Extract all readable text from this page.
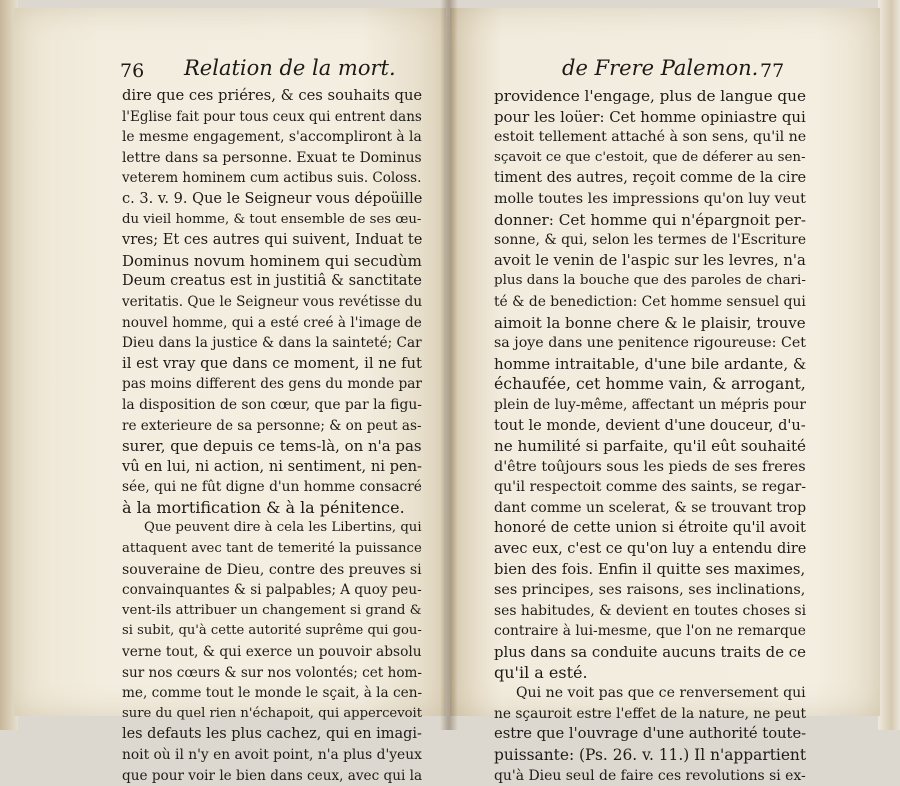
76 Relation de la mort.
dire que ces priéres, & ces souhaits que
l'Eglise fait pour tous ceux qui entrent dans
le mesme engagement, s'accompliront à la
lettre dans sa personne. Exuat te Dominus
veterem hominem cum actibus suis. Coloss.
c. 3. v. 9. Que le Seigneur vous dépoüille
du vieil homme, & tout ensemble de ses œu-
vres; Et ces autres qui suivent, Induat te
Dominus novum hominem qui secudùm
Deum creatus est in justitiâ & sanctitate
veritatis. Que le Seigneur vous revétisse du
nouvel homme, qui a esté creé à l'image de
Dieu dans la justice & dans la sainteté; Car
il est vray que dans ce moment, il ne fut
pas moins different des gens du monde par
la disposition de son cœur, que par la figu-
re exterieure de sa personne; & on peut as-
surer, que depuis ce tems-là, on n'a pas
vû en lui, ni action, ni sentiment, ni pen-
sée, qui ne fût digne d'un homme consacré
à la mortification & à la pénitence.
Que peuvent dire à cela les Libertins, qui
attaquent avec tant de temerité la puissance
souveraine de Dieu, contre des preuves si
convainquantes & si palpables; A quoy peu-
vent-ils attribuer un changement si grand &
si subit, qu'à cette autorité suprême qui gou-
verne tout, & qui exerce un pouvoir absolu
sur nos cœurs & sur nos volontés; cet hom-
me, comme tout le monde le sçait, à la cen-
sure du quel rien n'échapoit, qui appercevoit
les defauts les plus cachez, qui en imagi-
noit où il n'y en avoit point, n'a plus d'yeux
que pour voir le bien dans ceux, avec qui la
de Frere Palemon. 77
providence l'engage, plus de langue que
pour les loüer: Cet homme opiniastre qui
estoit tellement attaché à son sens, qu'il ne
sçavoit ce que c'estoit, que de déferer au sen-
timent des autres, reçoit comme de la cire
molle toutes les impressions qu'on luy veut
donner: Cet homme qui n'épargnoit per-
sonne, & qui, selon les termes de l'Escriture
avoit le venin de l'aspic sur les levres, n'a
plus dans la bouche que des paroles de chari-
té & de benediction: Cet homme sensuel qui
aimoit la bonne chere & le plaisir, trouve
sa joye dans une penitence rigoureuse: Cet
homme intraitable, d'une bile ardante, &
échaufée, cet homme vain, & arrogant,
plein de luy-même, affectant un mépris pour
tout le monde, devient d'une douceur, d'u-
ne humilité si parfaite, qu'il eût souhaité
d'être toûjours sous les pieds de ses freres
qu'il respectoit comme des saints, se regar-
dant comme un scelerat, & se trouvant trop
honoré de cette union si étroite qu'il avoit
avec eux, c'est ce qu'on luy a entendu dire
bien des fois. Enfin il quitte ses maximes,
ses principes, ses raisons, ses inclinations,
ses habitudes, & devient en toutes choses si
contraire à lui-mesme, que l'on ne remarque
plus dans sa conduite aucuns traits de ce
qu'il a esté.
Qui ne voit pas que ce renversement qui
ne sçauroit estre l'effet de la nature, ne peut
estre que l'ouvrage d'une authorité toute-
puissante: (Ps. 26. v. 11.) Il n'appartient
qu'à Dieu seul de faire ces revolutions si ex-
